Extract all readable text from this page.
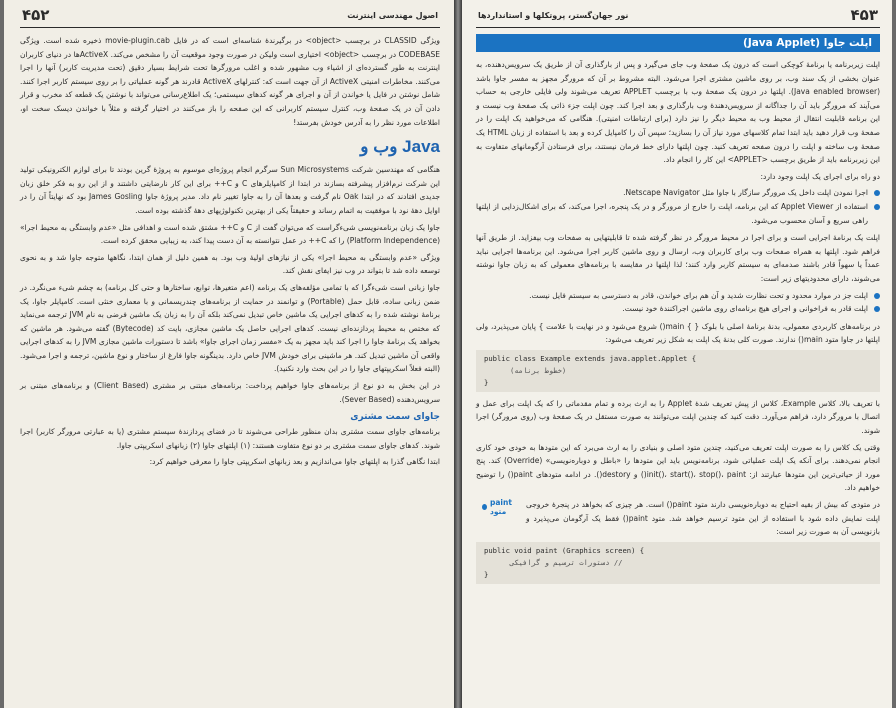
اصول مهندسی اینترنت
۴۵۲

ویژگی CLASSID در برچسب <object> در برگیرندهٔ شناسه‌ای است که در فایل movie-plugin.cab ذخیره شده است. ویژگی CODEBASE در برچسب <object> اختیاری است ولیکن در صورت وجود موقعیت آن را مشخص می‌کند. ActiveXها در دنیای کاربران اینترنت به طور گسترده‌ای از اشیاء وب مشهور شده و اغلب مرورگرها تحت شرایط بسیار دقیق (تحت مدیریت کاربر) آنها را اجرا می‌کنند. مخاطرات امنیتی ActiveX از آن جهت است که: کنترلهای ActiveX قادرند هر گونه عملیاتی را بر روی سیستم کاربر اجرا کنند. شامل نوشتن در فایل یا خواندن از آن و اجرای هر گونه کدهای سیستمی؛ یک اطلاع‌رسانی می‌تواند با نوشتن یک قطعه کد مخرب و قرار دادن آن در یک صفحهٔ وب، کنترل سیستم کاربرانی که این صفحه را باز می‌کنند در اختیار گرفته و مثلاً با خواندن دیسک سخت او، اطلاعات مورد نظر را به آدرس خودش بفرستد!

وب و Java

هنگامی که مهندسین شرکت Sun Microsystems سرگرم انجام پروژه‌ای موسوم به پروژهٔ گرین بودند تا برای لوازم الکترونیکی تولید این شرکت نرم‌افزار پیشرفته بسازند در ابتدا از کامپایلرهای C و C++ برای این کار نارضایتی داشتند و از این رو به فکر خلق زبان جدیدی افتادند که در ابتدا Oak نام گرفت و بعدها آن را به جاوا تغییر نام داد. مدیر پروژهٔ جاوا James Gosling بود که نهایتاً آن را در اوایل دههٔ نود با موفقیت به اتمام رساند و حقیقتاً یکی از بهترین تکنولوژیهای دههٔ گذشته بوده است.

جاوا یک زبان برنامه‌نویسی شیءگراست که می‌توان گفت از C و C++ مشتق شده است و اهدافی مثل «عدم وابستگی به محیط اجرا» (Platform Independence) را که C++ در عمل نتوانسته به آن دست پیدا کند، به زیبایی محقق کرده است.

ویژگی «عدم وابستگی به محیط اجرا» یکی از نیازهای اولیهٔ وب بود. به همین دلیل از همان ابتدا، نگاهها متوجه جاوا شد و به نحوی توسعه داده شد تا بتواند در وب نیز ایفای نقش کند.

جاوا زبانی است شیءگرا که با تمامی مؤلفه‌های یک برنامه (اعم متغیرها، توابع، ساختارها و حتی کل برنامه) به چشم شیء می‌نگرد. در ضمن زبانی ساده، قابل حمل (Portable) و توانمند در حمایت از برنامه‌های چندریسمانی و با معماری خنثی است. کامپایلر جاوا، یک برنامهٔ نوشته شده را به کدهای اجرایی یک ماشین خاص تبدیل نمی‌کند بلکه آن را به زبان یک ماشین فرضی به نام JVM ترجمه می‌نماید که مختص به محیط پردازنده‌ای نیست. کدهای اجرایی حاصل یک ماشین مجازی، بایت کد (Bytecode) گفته می‌شود. هر ماشین که بخواهد یک برنامهٔ جاوا را اجرا کند باید مجهز به یک «مفسر زمان اجرای جاوا» باشد تا دستورات ماشین مجازی JVM را به کدهای اجرایی واقعی آن ماشین تبدیل کند. هر ماشینی برای خودش JVM خاص دارد. بدینگونه جاوا فارغ از ساختار و نوع ماشین، ترجمه و اجرا می‌شود. (البته فعلاً اسکریپتهای جاوا را در این بحث وارد نکنید).

در این بخش به دو نوع از برنامه‌های جاوا خواهیم پرداخت: برنامه‌های مبتنی بر مشتری (Client Based) و برنامه‌های مبتنی بر سرویس‌دهنده (Sever Based).

جاوای سمت مشتری

برنامه‌های جاوای سمت مشتری بدان منظور طراحی می‌شوند تا در فضای پردازندهٔ سیستم مشتری (یا به عبارتی مرورگر کاربر) اجرا شوند. کدهای جاوای سمت مشتری بر دو نوع متفاوت هستند: (۱) اپلتهای جاوا (۲) زبانهای اسکریپتی جاوا.

ابتدا نگاهی گذرا به اپلتهای جاوا می‌اندازیم و بعد زبانهای اسکریپتی جاوا را معرفی خواهیم کرد:

۴۵۳
نور جهان‌گستر، پروتکلها و استانداردها
اپلت جاوا (Java Applet)

اپلت زیربرنامه یا برنامهٔ کوچکی است که درون یک صفحهٔ وب جای می‌گیرد و پس از بارگذاری آن از طریق یک سرویس‌دهنده، به عنوان بخشی از یک سند وب، بر روی ماشین مشتری اجرا می‌شود. البته مشروط بر آن که مرورگر مجهز به مفسر جاوا باشد (Java enabled browser). اپلتها در درون یک صفحهٔ وب با برچسب APPLET تعریف می‌شوند ولی فایلی خارجی به حساب می‌آیند که مرورگر باید آن را جداگانه از سرویس‌دهندهٔ وب بارگذاری و بعد اجرا کند. چون اپلت جزء ذاتی یک صفحهٔ وب نیست و این برنامه قابلیت انتقال از محیط وب به محیط دیگر را نیز دارد (برای ارتباطات امنیتی). هنگامی که می‌خواهید یک اپلت را در صفحهٔ وب قرار دهید باید ابتدا تمام کلاسهای مورد نیاز آن را بسازید؛ سپس آن را کامپایل کرده و بعد با استفاده از زبان HTML یک صفحهٔ وب ساخته و اپلت را درون صفحه تعریف کنید. چون اپلتها دارای خط فرمان نیستند، برای فرستادن آرگومانهای متفاوت به این زیربرنامه باید از طریق برچسب <APPLET> این کار را انجام داد.

دو راه برای اجرای یک اپلت وجود دارد:

اجرا نمودن اپلت داخل یک مرورگر سازگار با جاوا مثل Netscape Navigator.
استفاده از Applet Viewer که این برنامه، اپلت را خارج از مرورگر و در یک پنجره، اجرا می‌کند، که برای اشکال‌زدایی از اپلتها راهی سریع و آسان محسوب می‌شود.

اپلت یک برنامهٔ اجرایی است و برای اجرا در محیط مرورگر در نظر گرفته شده تا قابلیتهایی به صفحات وب بیفزاید. از طریق آنها فراهم شود. اپلتها به همراه صفحات وب برای کاربران وب، ارسال و روی ماشین کاربر اجرا می‌شود. این برنامه‌ها اجرایی نباید عمداً یا سهواً قادر باشند صدمه‌ای به سیستم کاربر وارد کنند؛ لذا اپلتها در مقایسه با برنامه‌های معمولی که به زبان جاوا نوشته می‌شوند، دارای محدودیتهای زیر است:

اپلت جز در موارد محدود و تحت نظارت شدید و آن هم برای خواندن، قادر به دسترسی به سیستم فایل نیست.
اپلت قادر به فراخوانی و اجرای هیچ برنامه‌ای روی ماشین اجراکنندهٔ خود نیست.

در برنامه‌های کاربردی معمولی، بدنهٔ برنامهٔ اصلی با بلوک { } main() شروع می‌شود و در نهایت با علامت } پایان می‌پذیرد، ولی اپلتها در جاوا متود main() ندارند. صورت کلی بدنهٔ یک اپلت به شکل زیر تعریف می‌شود:

public class Example extends java.applet.Applet {
(خطوط برنامه)
}

با تعریف بالا، کلاس Example، کلاس از پیش تعریف شدهٔ Applet را به ارث برده و تمام مقدماتی را که یک اپلت برای عمل و اتصال با مرورگر دارد، فراهم می‌آورد. دقت کنید که چندین اپلت می‌توانند به صورت مستقل در یک صفحهٔ وب (روی مرورگر) اجرا شوند.

وقتی یک کلاس را به صورت اپلت تعریف می‌کنید، چندین متود اصلی و بنیادی را به ارث می‌برد که این متودها به خودی خود کاری انجام نمی‌دهند. برای آنکه یک اپلت عملیاتی شود، برنامه‌نویس باید این متودها را «باطل و دوباره‌نویسی» (Override) کند. پنج مورد از حیاتی‌ترین این متودها عبارتند از: init()، start()، stop()، paint() و destory(). در ادامه متودهای paint() را توضیح خواهیم داد.

paint متود

در متودی که بیش از بقیه احتیاج به دوباره‌نویسی دارند متود paint() است. هر چیزی که بخواهد در پنجرهٔ خروجی اپلت نمایش داده شود با استفاده از این متود ترسیم خواهد شد. متود paint() فقط یک آرگومان می‌پذیرد و بازنویسی آن به صورت زیر است:

public void paint (Graphics screen) {
// دستورات ترسیم و گرافیکی
}
